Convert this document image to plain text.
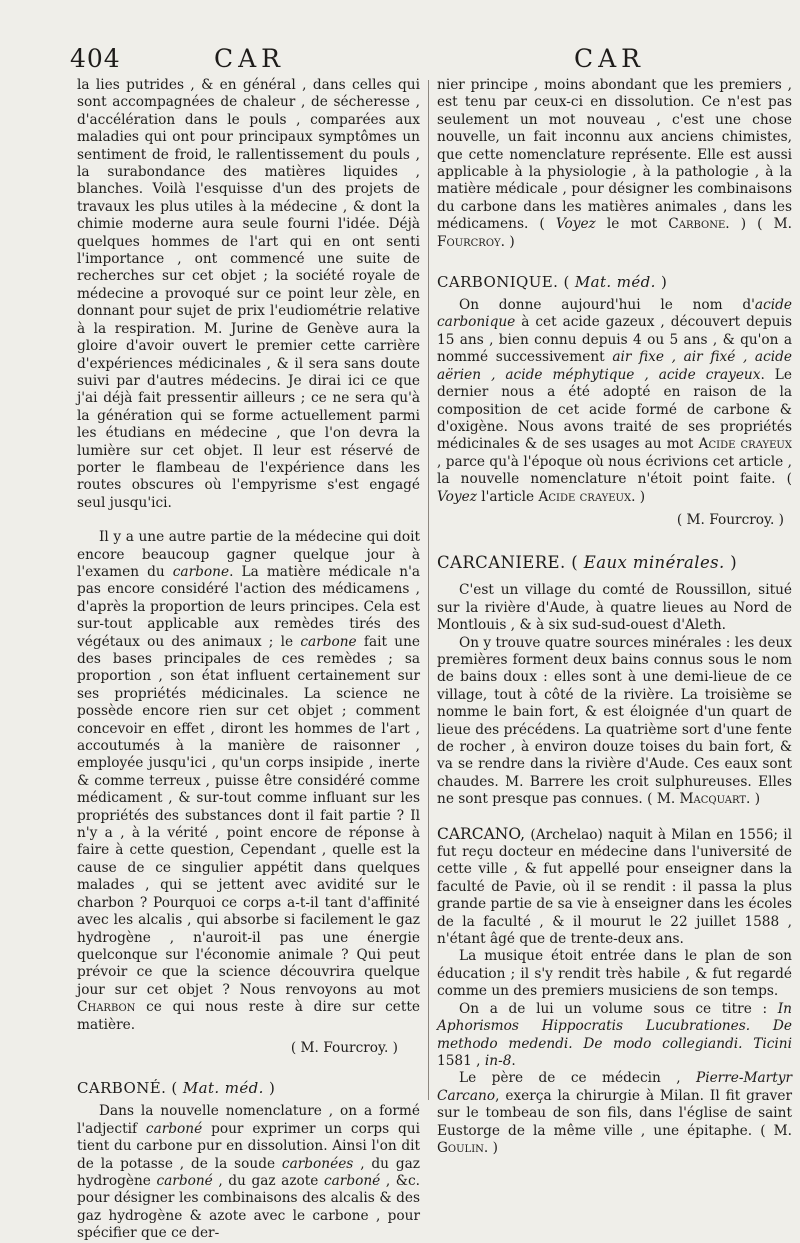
404	CAR	CAR

la lies putrides , & en général , dans celles qui sont accompagnées de chaleur , de sécheresse , d'accélération dans le pouls , comparées aux maladies qui ont pour principaux symptômes un sentiment de froid, le rallentissement du pouls , la surabondance des matières liquides , blanches. Voilà l'esquisse d'un des projets de travaux les plus utiles à la médecine , & dont la chimie moderne aura seule fourni l'idée. Déjà quelques hommes de l'art qui en ont senti l'importance , ont commencé une suite de recherches sur cet objet ; la société royale de médecine a provoqué sur ce point leur zèle, en donnant pour sujet de prix l'eudiométrie relative à la respiration. M. Jurine de Genève aura la gloire d'avoir ouvert le premier cette carrière d'expériences médicinales , & il sera sans doute suivi par d'autres médecins. Je dirai ici ce que j'ai déjà fait pressentir ailleurs ; ce ne sera qu'à la génération qui se forme actuellement parmi les étudians en médecine , que l'on devra la lumière sur cet objet. Il leur est réservé de porter le flambeau de l'expérience dans les routes obscures où l'empyrisme s'est engagé seul jusqu'ici.

Il y a une autre partie de la médecine qui doit encore beaucoup gagner quelque jour à l'examen du carbone. La matière médicale n'a pas encore considéré l'action des médicamens , d'après la proportion de leurs principes. Cela est sur-tout applicable aux remèdes tirés des végétaux ou des animaux ; le carbone fait une des bases principales de ces remèdes ; sa proportion , son état influent certainement sur ses propriétés médicinales. La science ne possède encore rien sur cet objet ; comment concevoir en effet , diront les hommes de l'art , accoutumés à la manière de raisonner , employée jusqu'ici , qu'un corps insipide , inerte & comme terreux , puisse être considéré comme médicament , & sur-tout comme influant sur les propriétés des substances dont il fait partie ? Il n'y a , à la vérité , point encore de réponse à faire à cette question, Cependant , quelle est la cause de ce singulier appétit dans quelques malades , qui se jettent avec avidité sur le charbon ? Pourquoi ce corps a-t-il tant d'affinité avec les alcalis , qui absorbe si facilement le gaz hydrogène , n'auroit-il pas une énergie quelconque sur l'économie animale ? Qui peut prévoir ce que la science découvrira quelque jour sur cet objet ? Nous renvoyons au mot Charbon ce qui nous reste à dire sur cette matière.

( M. Fourcroy. )

CARBONÉ. ( Mat. méd. )

Dans la nouvelle nomenclature , on a formé l'adjectif carboné pour exprimer un corps qui tient du carbone pur en dissolution. Ainsi l'on dit de la potasse , de la soude carbonées , du gaz hydrogène carboné , du gaz azote carboné , &c. pour désigner les combinaisons des alcalis & des gaz hydrogène & azote avec le carbone , pour spécifier que ce der-

nier principe , moins abondant que les premiers , est tenu par ceux-ci en dissolution. Ce n'est pas seulement un mot nouveau , c'est une chose nouvelle, un fait inconnu aux anciens chimistes, que cette nomenclature représente. Elle est aussi applicable à la physiologie , à la pathologie , à la matière médicale , pour désigner les combinaisons du carbone dans les matières animales , dans les médicamens. ( Voyez le mot Carbone. ) ( M. Fourcroy. )

CARBONIQUE. ( Mat. méd. )

On donne aujourd'hui le nom d'acide carbonique à cet acide gazeux , découvert depuis 15 ans , bien connu depuis 4 ou 5 ans , & qu'on a nommé successivement air fixe , air fixé , acide aërien , acide méphytique , acide crayeux. Le dernier nous a été adopté en raison de la composition de cet acide formé de carbone & d'oxigène. Nous avons traité de ses propriétés médicinales & de ses usages au mot Acide crayeux , parce qu'à l'époque où nous écrivions cet article , la nouvelle nomenclature n'étoit point faite. ( Voyez l'article Acide crayeux. )

( M. Fourcroy. )

CARCANIERE. ( Eaux minérales. )

C'est un village du comté de Roussillon, situé sur la rivière d'Aude, à quatre lieues au Nord de Montlouis , & à six sud-sud-ouest d'Aleth.

On y trouve quatre sources minérales : les deux premières forment deux bains connus sous le nom de bains doux : elles sont à une demi-lieue de ce village, tout à côté de la rivière. La troisième se nomme le bain fort, & est éloignée d'un quart de lieue des précédens. La quatrième sort d'une fente de rocher , à environ douze toises du bain fort, & va se rendre dans la rivière d'Aude. Ces eaux sont chaudes. M. Barrere les croit sulphureuses. Elles ne sont presque pas connues. ( M. Macquart. )

CARCANO, (Archelao) naquit à Milan en 1556; il fut reçu docteur en médecine dans l'université de cette ville , & fut appellé pour enseigner dans la faculté de Pavie, où il se rendit : il passa la plus grande partie de sa vie à enseigner dans les écoles de la faculté , & il mourut le 22 juillet 1588 , n'étant âgé que de trente-deux ans.

La musique étoit entrée dans le plan de son éducation ; il s'y rendit très habile , & fut regardé comme un des premiers musiciens de son temps.

On a de lui un volume sous ce titre : In Aphorismos Hippocratis Lucubrationes. De methodo medendi. De modo collegiandi. Ticini 1581 , in-8.

Le père de ce médecin , Pierre-Martyr Carcano, exerça la chirurgie à Milan. Il fit graver sur le tombeau de son fils, dans l'église de saint Eustorge de la même ville , une épitaphe. ( M. Goulin. )
